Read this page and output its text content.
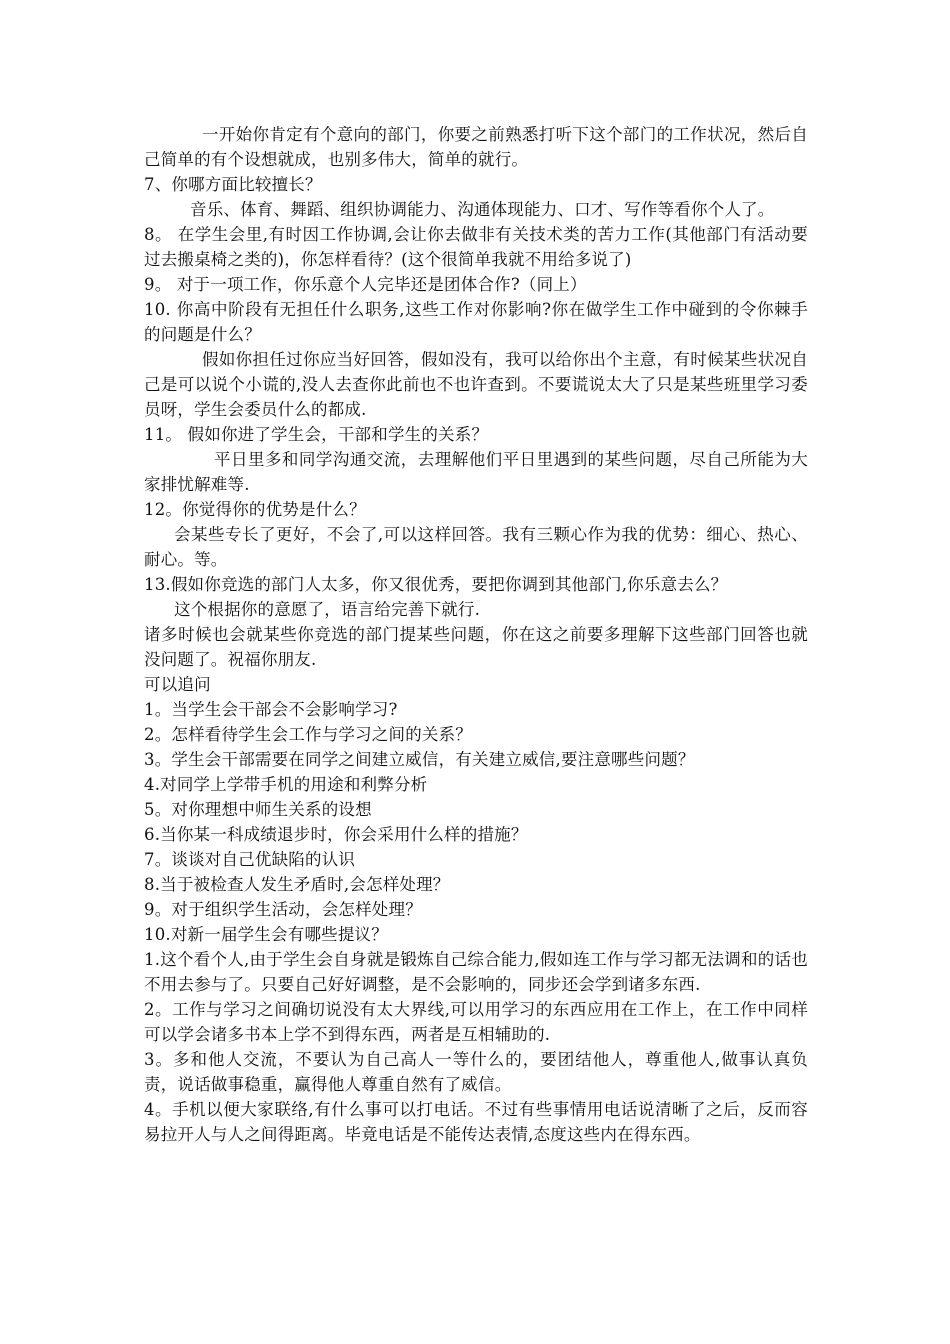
一开始你肯定有个意向的部门，你要之前熟悉打听下这个部门的工作状况，然后自己简单的有个设想就成，也别多伟大，简单的就行。

7、你哪方面比较擅长？

音乐、体育、舞蹈、组织协调能力、沟通体现能力、口才、写作等看你个人了。

8。 在学生会里,有时因工作协调,会让你去做非有关技术类的苦力工作(其他部门有活动要过去搬桌椅之类的)，你怎样看待？(这个很简单我就不用给多说了)

9。 对于一项工作，你乐意个人完毕还是团体合作?（同上）

10. 你高中阶段有无担任什么职务,这些工作对你影响?你在做学生工作中碰到的令你棘手的问题是什么？

假如你担任过你应当好回答，假如没有，我可以给你出个主意，有时候某些状况自己是可以说个小谎的,没人去查你此前也不也许查到。不要谎说太大了只是某些班里学习委员呀，学生会委员什么的都成.

11。 假如你进了学生会，干部和学生的关系？

平日里多和同学沟通交流，去理解他们平日里遇到的某些问题，尽自己所能为大家排忧解难等.

12。你觉得你的优势是什么？

会某些专长了更好，不会了,可以这样回答。我有三颗心作为我的优势：细心、热心、耐心。等。

13.假如你竞选的部门人太多，你又很优秀，要把你调到其他部门,你乐意去么？

这个根据你的意愿了，语言给完善下就行.

诸多时候也会就某些你竞选的部门提某些问题，你在这之前要多理解下这些部门回答也就没问题了。祝福你朋友.

可以追问

1。当学生会干部会不会影响学习?

2。怎样看待学生会工作与学习之间的关系？

3。学生会干部需要在同学之间建立威信，有关建立威信,要注意哪些问题？

4.对同学上学带手机的用途和利弊分析

5。对你理想中师生关系的设想

6.当你某一科成绩退步时，你会采用什么样的措施？

7。谈谈对自己优缺陷的认识

8.当于被检查人发生矛盾时,会怎样处理？

9。对于组织学生活动，会怎样处理？

10.对新一届学生会有哪些提议？

1.这个看个人,由于学生会自身就是锻炼自己综合能力,假如连工作与学习都无法调和的话也不用去参与了。只要自己好好调整，是不会影响的，同步还会学到诸多东西.

2。工作与学习之间确切说没有太大界线,可以用学习的东西应用在工作上，在工作中同样可以学会诸多书本上学不到得东西，两者是互相辅助的.

3。多和他人交流，不要认为自己高人一等什么的，要团结他人，尊重他人,做事认真负责，说话做事稳重，赢得他人尊重自然有了威信。

4。手机以便大家联络,有什么事可以打电话。不过有些事情用电话说清晰了之后，反而容易拉开人与人之间得距离。毕竟电话是不能传达表情,态度这些内在得东西。
